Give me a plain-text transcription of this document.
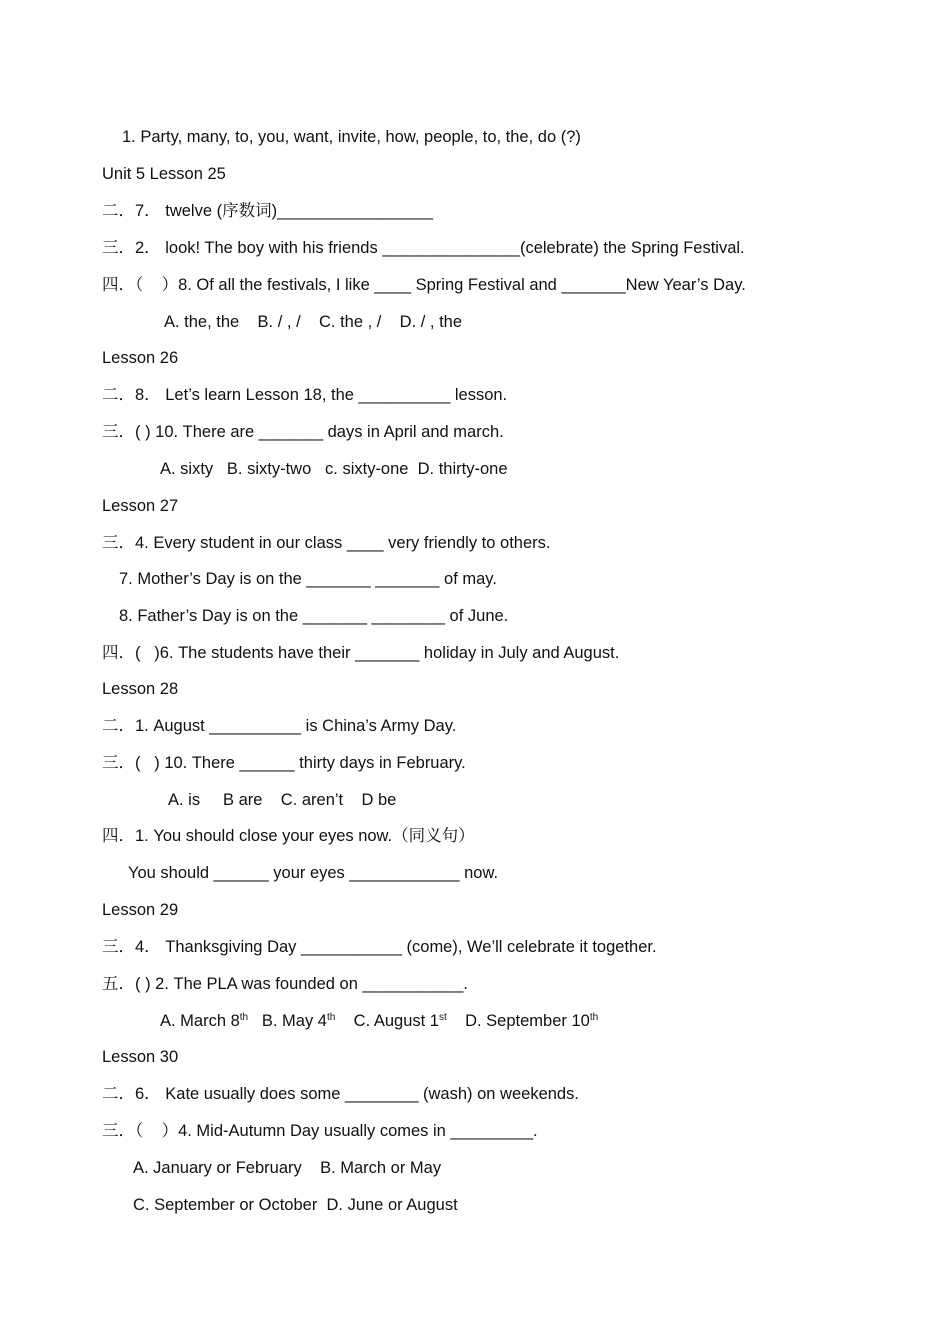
1. Party, many, to, you, want, invite, how, people, to, the, do (?)
Unit 5 Lesson 25
二．7． twelve (序数词)_________________
三．2． look! The boy with his friends _______________(celebrate) the Spring Festival.
四．（    ）8. Of all the festivals, I like ____ Spring Festival and _______New Year’s Day.
A. the, the    B. / , /    C. the , /    D. / , the
Lesson 26
二．8． Let’s learn Lesson 18, the __________ lesson.
三．( ) 10. There are _______ days in April and march.
A. sixty   B. sixty-two   c. sixty-one  D. thirty-one
Lesson 27
三．4. Every student in our class ____ very friendly to others.
7. Mother’s Day is on the _______ _______ of may.
8. Father’s Day is on the _______ ________ of June.
四．(   )6. The students have their _______ holiday in July and August.
Lesson 28
二．1. August __________ is China’s Army Day.
三．(   ) 10. There ______ thirty days in February.
A. is     B are    C. aren’t    D be
四．1. You should close your eyes now.（同义句）
You should ______ your eyes ____________ now.
Lesson 29
三．4． Thanksgiving Day ___________ (come), We’ll celebrate it together.
五．( ) 2. The PLA was founded on ___________.
A. March 8th   B. May 4th    C. August 1st    D. September 10th
Lesson 30
二．6． Kate usually does some ________ (wash) on weekends.
三．（    ）4. Mid-Autumn Day usually comes in _________.
A. January or February    B. March or May
C. September or October  D. June or August
